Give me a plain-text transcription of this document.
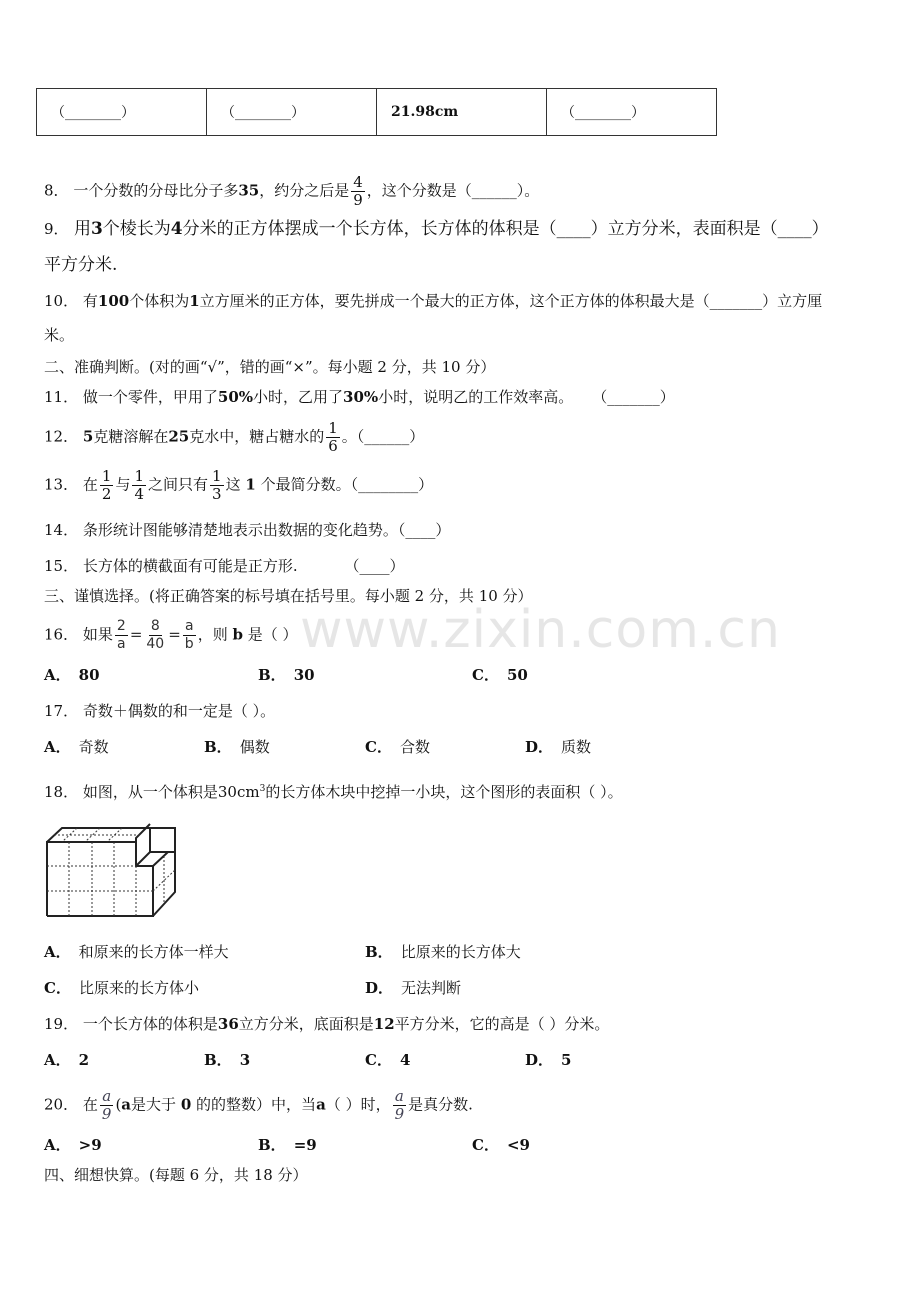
（________）	（________）	21.98cm	（________）
www.zixin.com.cn
8． 一个分数的分母比分子多35，约分之后是 $\frac{4}{9}$ ，这个分数是（______）。
9． 用3个棱长为4分米的正方体摆成一个长方体，长方体的体积是（____）立方分米，表面积是（____）
平方分米.
10． 有100个体积为1立方厘米的正方体，要先拼成一个最大的正方体，这个正方体的体积最大是（_______）立方厘
米。
二、准确判断。(对的画“√”，错的画“×”。每小题 2 分，共 10 分）
11． 做一个零件，甲用了50%小时，乙用了30%小时，说明乙的工作效率高。 （_______）
12． 5克糖溶解在25克水中，糖占糖水的 $\frac{1}{6}$ 。（______）
13． 在 $\frac{1}{2}$ 与 $\frac{1}{4}$ 之间只有 $\frac{1}{3}$ 这 1 个最简分数。（________）
14． 条形统计图能够清楚地表示出数据的变化趋势。（____）
15． 长方体的横截面有可能是正方形.	（____）
三、谨慎选择。(将正确答案的标号填在括号里。每小题 2 分，共 10 分）
16． 如果 $\frac{2}{a} = \frac{8}{40} = \frac{a}{b}$ ，则 b 是（ ）
A． 80	B． 30	C． 50
17． 奇数＋偶数的和一定是（ ）。
A． 奇数	B． 偶数	C． 合数	D． 质数
18． 如图，从一个体积是$30cm^3$的长方体木块中挖掉一小块，这个图形的表面积（ ）。
A． 和原来的长方体一样大	B． 比原来的长方体大
C． 比原来的长方体小	D． 无法判断
19． 一个长方体的体积是36立方分米，底面积是12平方分米，它的高是（ ）分米。
A． 2	B． 3	C． 4	D． 5
20． 在 $\frac{a}{9} (a$是大于 0 的的整数）中，当a（ ）时， $\frac{a}{9}$ 是真分数.
A． >9	B． =9	C． <9
四、细想快算。(每题 6 分，共 18 分）
